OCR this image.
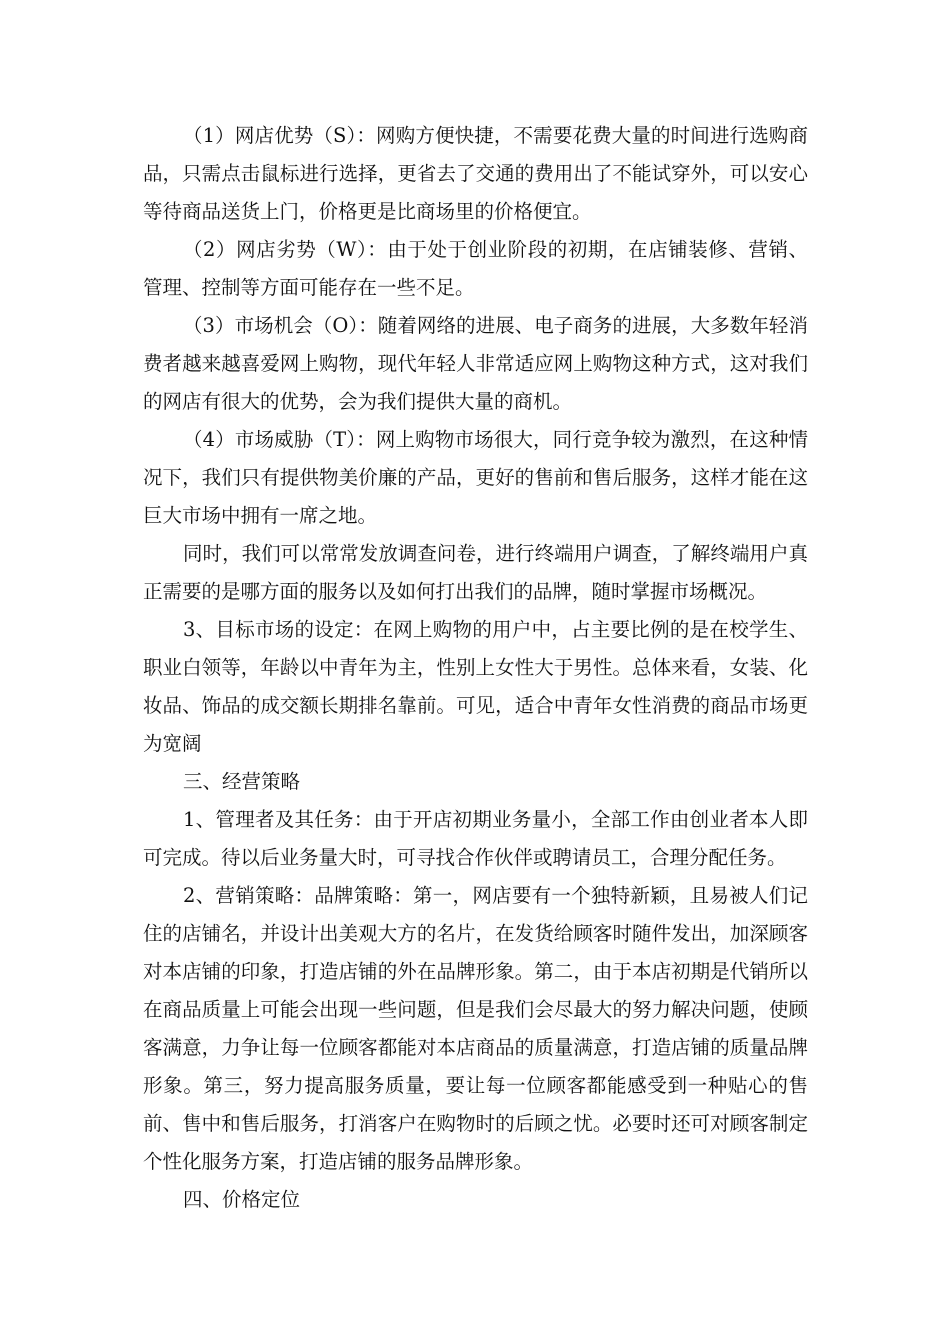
（1）网店优势（S）：网购方便快捷，不需要花费大量的时间进行选购商品，只需点击鼠标进行选择，更省去了交通的费用出了不能试穿外，可以安心等待商品送货上门，价格更是比商场里的价格便宜。

（2）网店劣势（W）：由于处于创业阶段的初期，在店铺装修、营销、管理、控制等方面可能存在一些不足。

（3）市场机会（O）：随着网络的进展、电子商务的进展，大多数年轻消费者越来越喜爱网上购物，现代年轻人非常适应网上购物这种方式，这对我们的网店有很大的优势，会为我们提供大量的商机。

（4）市场威胁（T）：网上购物市场很大，同行竞争较为激烈，在这种情况下，我们只有提供物美价廉的产品，更好的售前和售后服务，这样才能在这巨大市场中拥有一席之地。

同时，我们可以常常发放调查问卷，进行终端用户调查，了解终端用户真正需要的是哪方面的服务以及如何打出我们的品牌，随时掌握市场概况。

3、目标市场的设定：在网上购物的用户中，占主要比例的是在校学生、职业白领等，年龄以中青年为主，性别上女性大于男性。总体来看，女装、化妆品、饰品的成交额长期排名靠前。可见，适合中青年女性消费的商品市场更为宽阔

三、经营策略

1、管理者及其任务：由于开店初期业务量小，全部工作由创业者本人即可完成。待以后业务量大时，可寻找合作伙伴或聘请员工，合理分配任务。

2、营销策略：品牌策略：第一，网店要有一个独特新颖，且易被人们记住的店铺名，并设计出美观大方的名片，在发货给顾客时随件发出，加深顾客对本店铺的印象，打造店铺的外在品牌形象。第二，由于本店初期是代销所以在商品质量上可能会出现一些问题，但是我们会尽最大的努力解决问题，使顾客满意，力争让每一位顾客都能对本店商品的质量满意，打造店铺的质量品牌形象。第三，努力提高服务质量，要让每一位顾客都能感受到一种贴心的售前、售中和售后服务，打消客户在购物时的后顾之忧。必要时还可对顾客制定个性化服务方案，打造店铺的服务品牌形象。

四、价格定位
